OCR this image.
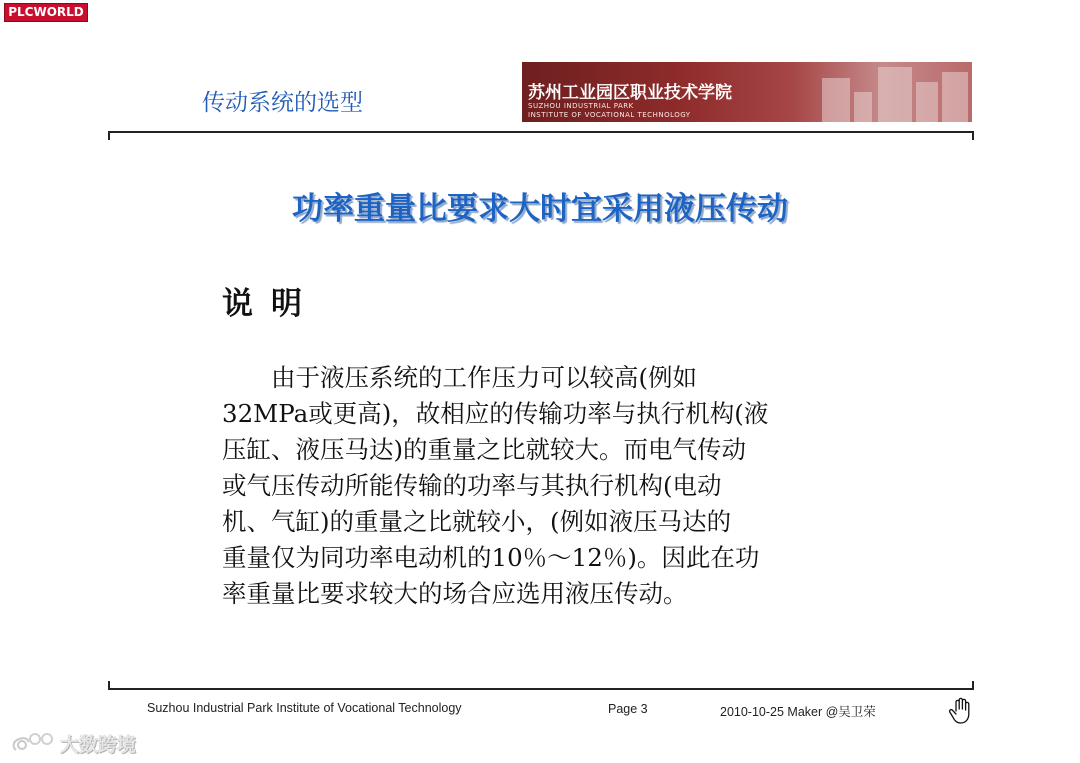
PLCWORLD
传动系统的选型	苏州工业园区职业技术学院
SUZHOU INDUSTRIAL PARK
INSTITUTE OF VOCATIONAL TECHNOLOGY
功率重量比要求大时宜采用液压传动
说明
　　由于液压系统的工作压力可以较高(例如
32MPa或更高)，故相应的传输功率与执行机构(液
压缸、液压马达)的重量之比就较大。而电气传动
或气压传动所能传输的功率与其执行机构(电动
机、气缸)的重量之比就较小，(例如液压马达的
重量仅为同功率电动机的10％～12％)。因此在功
率重量比要求较大的场合应选用液压传动。
Suzhou Industrial Park Institute of Vocational Technology	Page 3	2010-10-25 Maker @吴卫荣
大数跨境
